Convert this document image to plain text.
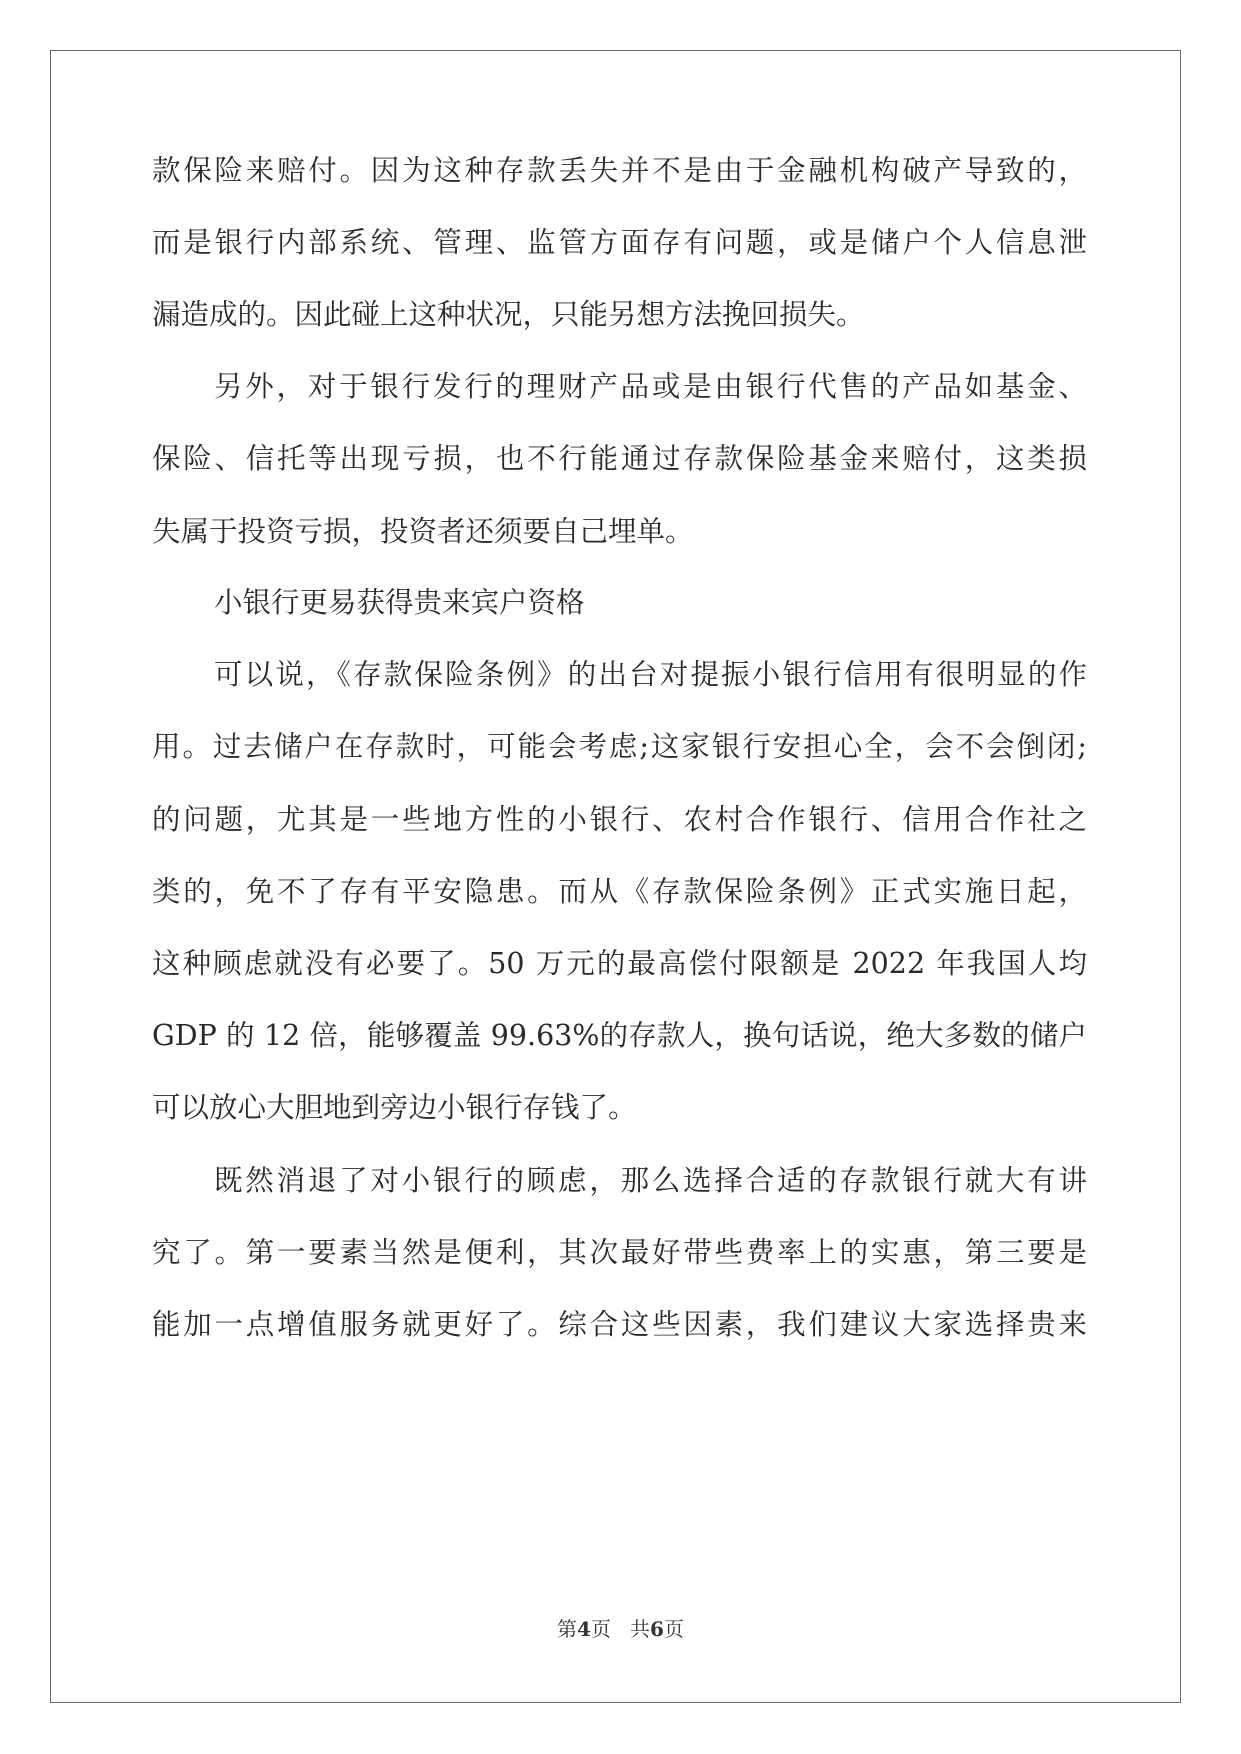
款保险来赔付。因为这种存款丢失并不是由于金融机构破产导致的，
而是银行内部系统、管理、监管方面存有问题，或是储户个人信息泄
漏造成的。因此碰上这种状况，只能另想方法挽回损失。
另外，对于银行发行的理财产品或是由银行代售的产品如基金、
保险、信托等出现亏损，也不行能通过存款保险基金来赔付，这类损
失属于投资亏损，投资者还须要自己埋单。
小银行更易获得贵来宾户资格
可以说，《存款保险条例》的出台对提振小银行信用有很明显的作
用。过去储户在存款时，可能会考虑;这家银行安担心全，会不会倒闭;
的问题，尤其是一些地方性的小银行、农村合作银行、信用合作社之
类的，免不了存有平安隐患。而从《存款保险条例》正式实施日起，
这种顾虑就没有必要了。50 万元的最高偿付限额是 2022 年我国人均
GDP 的 12 倍，能够覆盖 99.63%的存款人，换句话说，绝大多数的储户
可以放心大胆地到旁边小银行存钱了。
既然消退了对小银行的顾虑，那么选择合适的存款银行就大有讲
究了。第一要素当然是便利，其次最好带些费率上的实惠，第三要是
能加一点增值服务就更好了。综合这些因素，我们建议大家选择贵来
第4页 共6页
